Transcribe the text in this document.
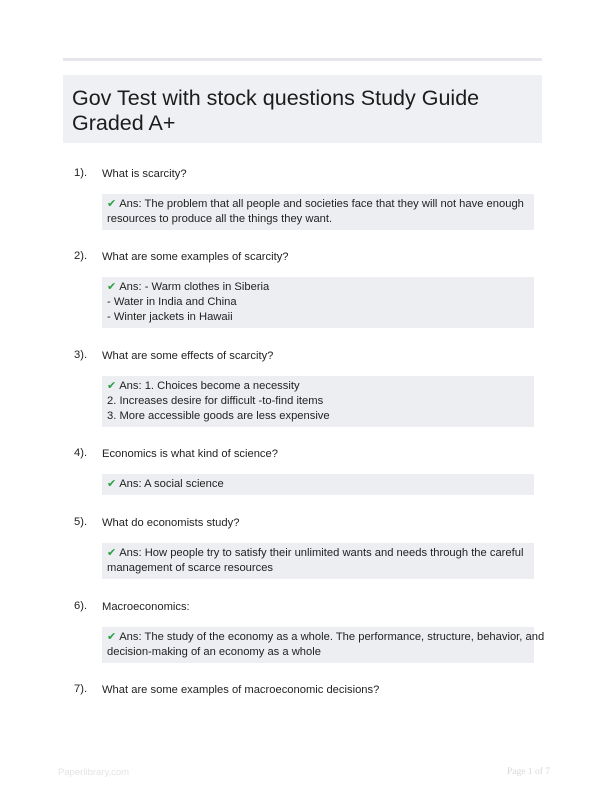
Gov Test with stock questions Study Guide Graded A+
1). What is scarcity?
✔ Ans: The problem that all people and societies face that they will not have enough
resources to produce all the things they want.
2). What are some examples of scarcity?
✔ Ans: - Warm clothes in Siberia
- Water in India and China
- Winter jackets in Hawaii
3). What are some effects of scarcity?
✔ Ans: 1. Choices become a necessity
2. Increases desire for difficult -to-find items
3. More accessible goods are less expensive
4). Economics is what kind of science?
✔ Ans: A social science
5). What do economists study?
✔ Ans: How people try to satisfy their unlimited wants and needs through the careful
management of scarce resources
6). Macroeconomics:
✔ Ans: The study of the economy as a whole. The performance, structure, behavior, and
decision-making of an economy as a whole
7). What are some examples of macroeconomic decisions?
Paperlibrary.com	Page 1 of 7
